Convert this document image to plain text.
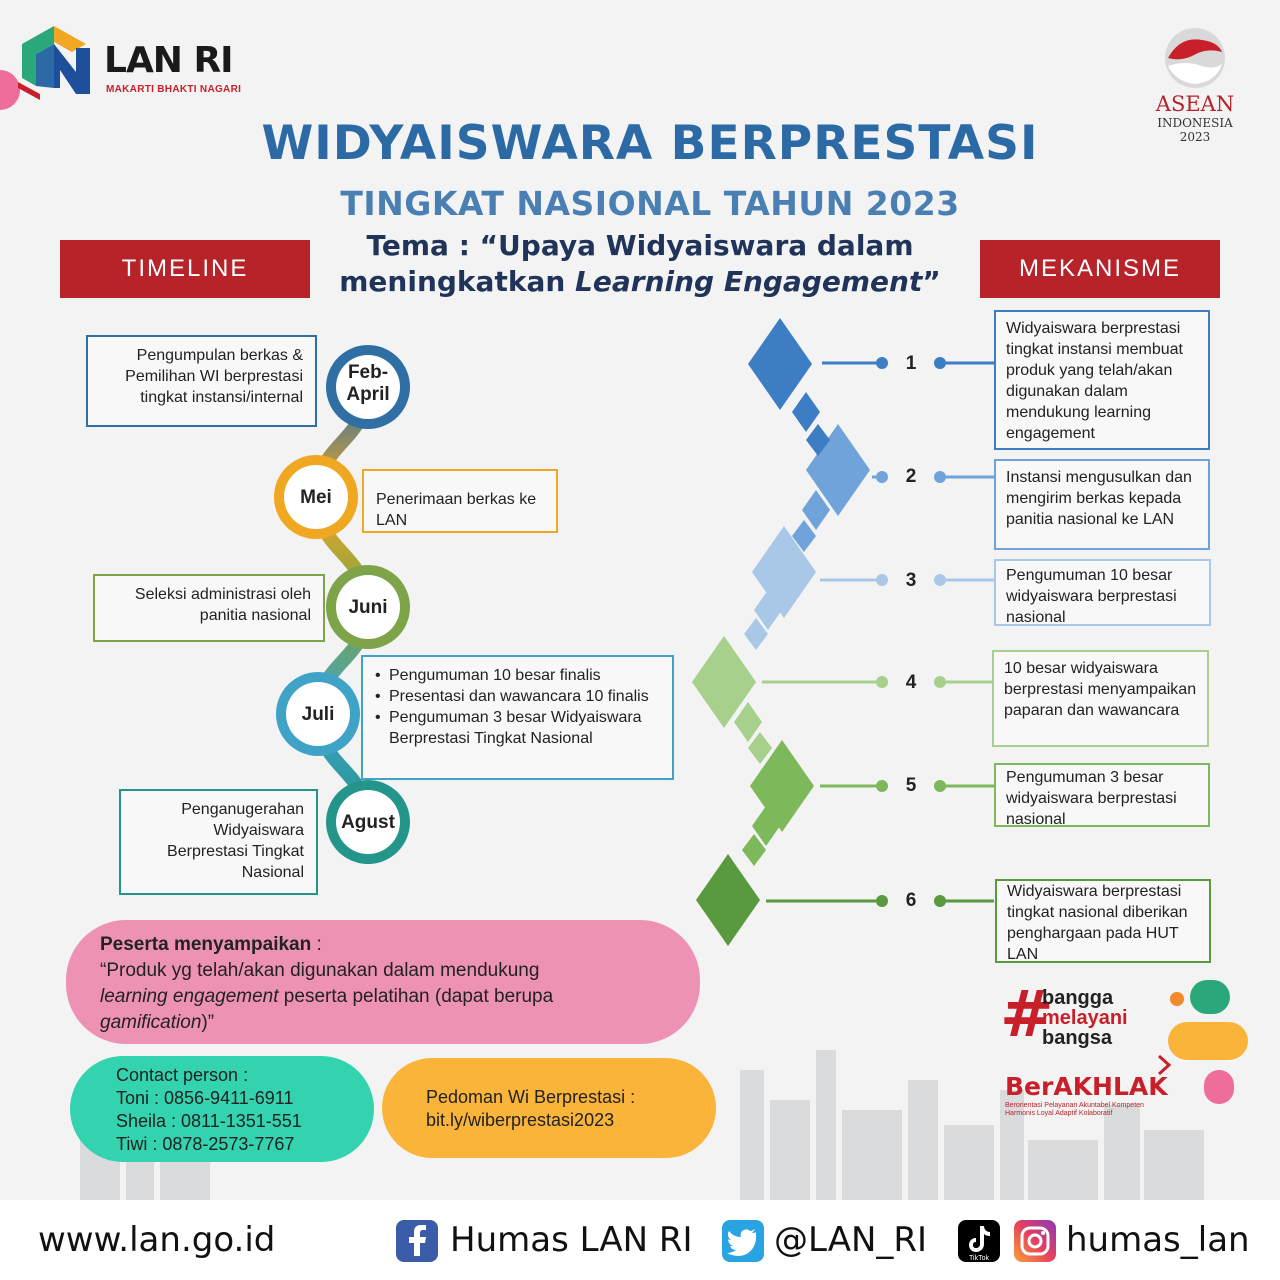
LAN RI
MAKARTI BHAKTI NAGARI
ASEAN
INDONESIA
2023
WIDYAISWARA BERPRESTASI
TINGKAT NASIONAL TAHUN 2023
Tema : “Upaya Widyaiswara dalam
meningkatkan Learning Engagement”
TIMELINE	MEKANISME
Feb-
April
Mei
Juni
Juli
Agust
Pengumpulan berkas & Pemilihan WI berprestasi tingkat instansi/internal
Penerimaan berkas ke LAN
Seleksi administrasi oleh panitia nasional
• Pengumuman 10 besar finalis
• Presentasi dan wawancara 10 finalis
• Pengumuman 3 besar Widyaiswara Berprestasi Tingkat Nasional
Penganugerahan Widyaiswara Berprestasi Tingkat Nasional
1
2
3
4
5
6
Widyaiswara berprestasi tingkat instansi membuat produk yang telah/akan digunakan dalam mendukung learning engagement
Instansi mengusulkan dan mengirim berkas kepada panitia nasional ke LAN
Pengumuman 10 besar widyaiswara berprestasi nasional
10 besar widyaiswara berprestasi menyampaikan paparan dan wawancara
Pengumuman 3 besar widyaiswara berprestasi nasional
Widyaiswara berprestasi tingkat nasional diberikan penghargaan pada HUT LAN
Peserta menyampaikan :
“Produk yg telah/akan digunakan dalam mendukung
learning engagement peserta pelatihan (dapat berupa
gamification)”
Contact person :
Toni : 0856-9411-6911
Sheila : 0811-1351-551
Tiwi : 0878-2573-7767
Pedoman Wi Berprestasi :
bit.ly/wiberprestasi2023
#
bangga
melayani
bangsa
BerAKHLAK
Berorientasi Pelayanan Akuntabel Kompeten
Harmonis Loyal Adaptif Kolaboratif
www.lan.go.id	Humas LAN RI @LAN_RI	TikTok humas_lan
